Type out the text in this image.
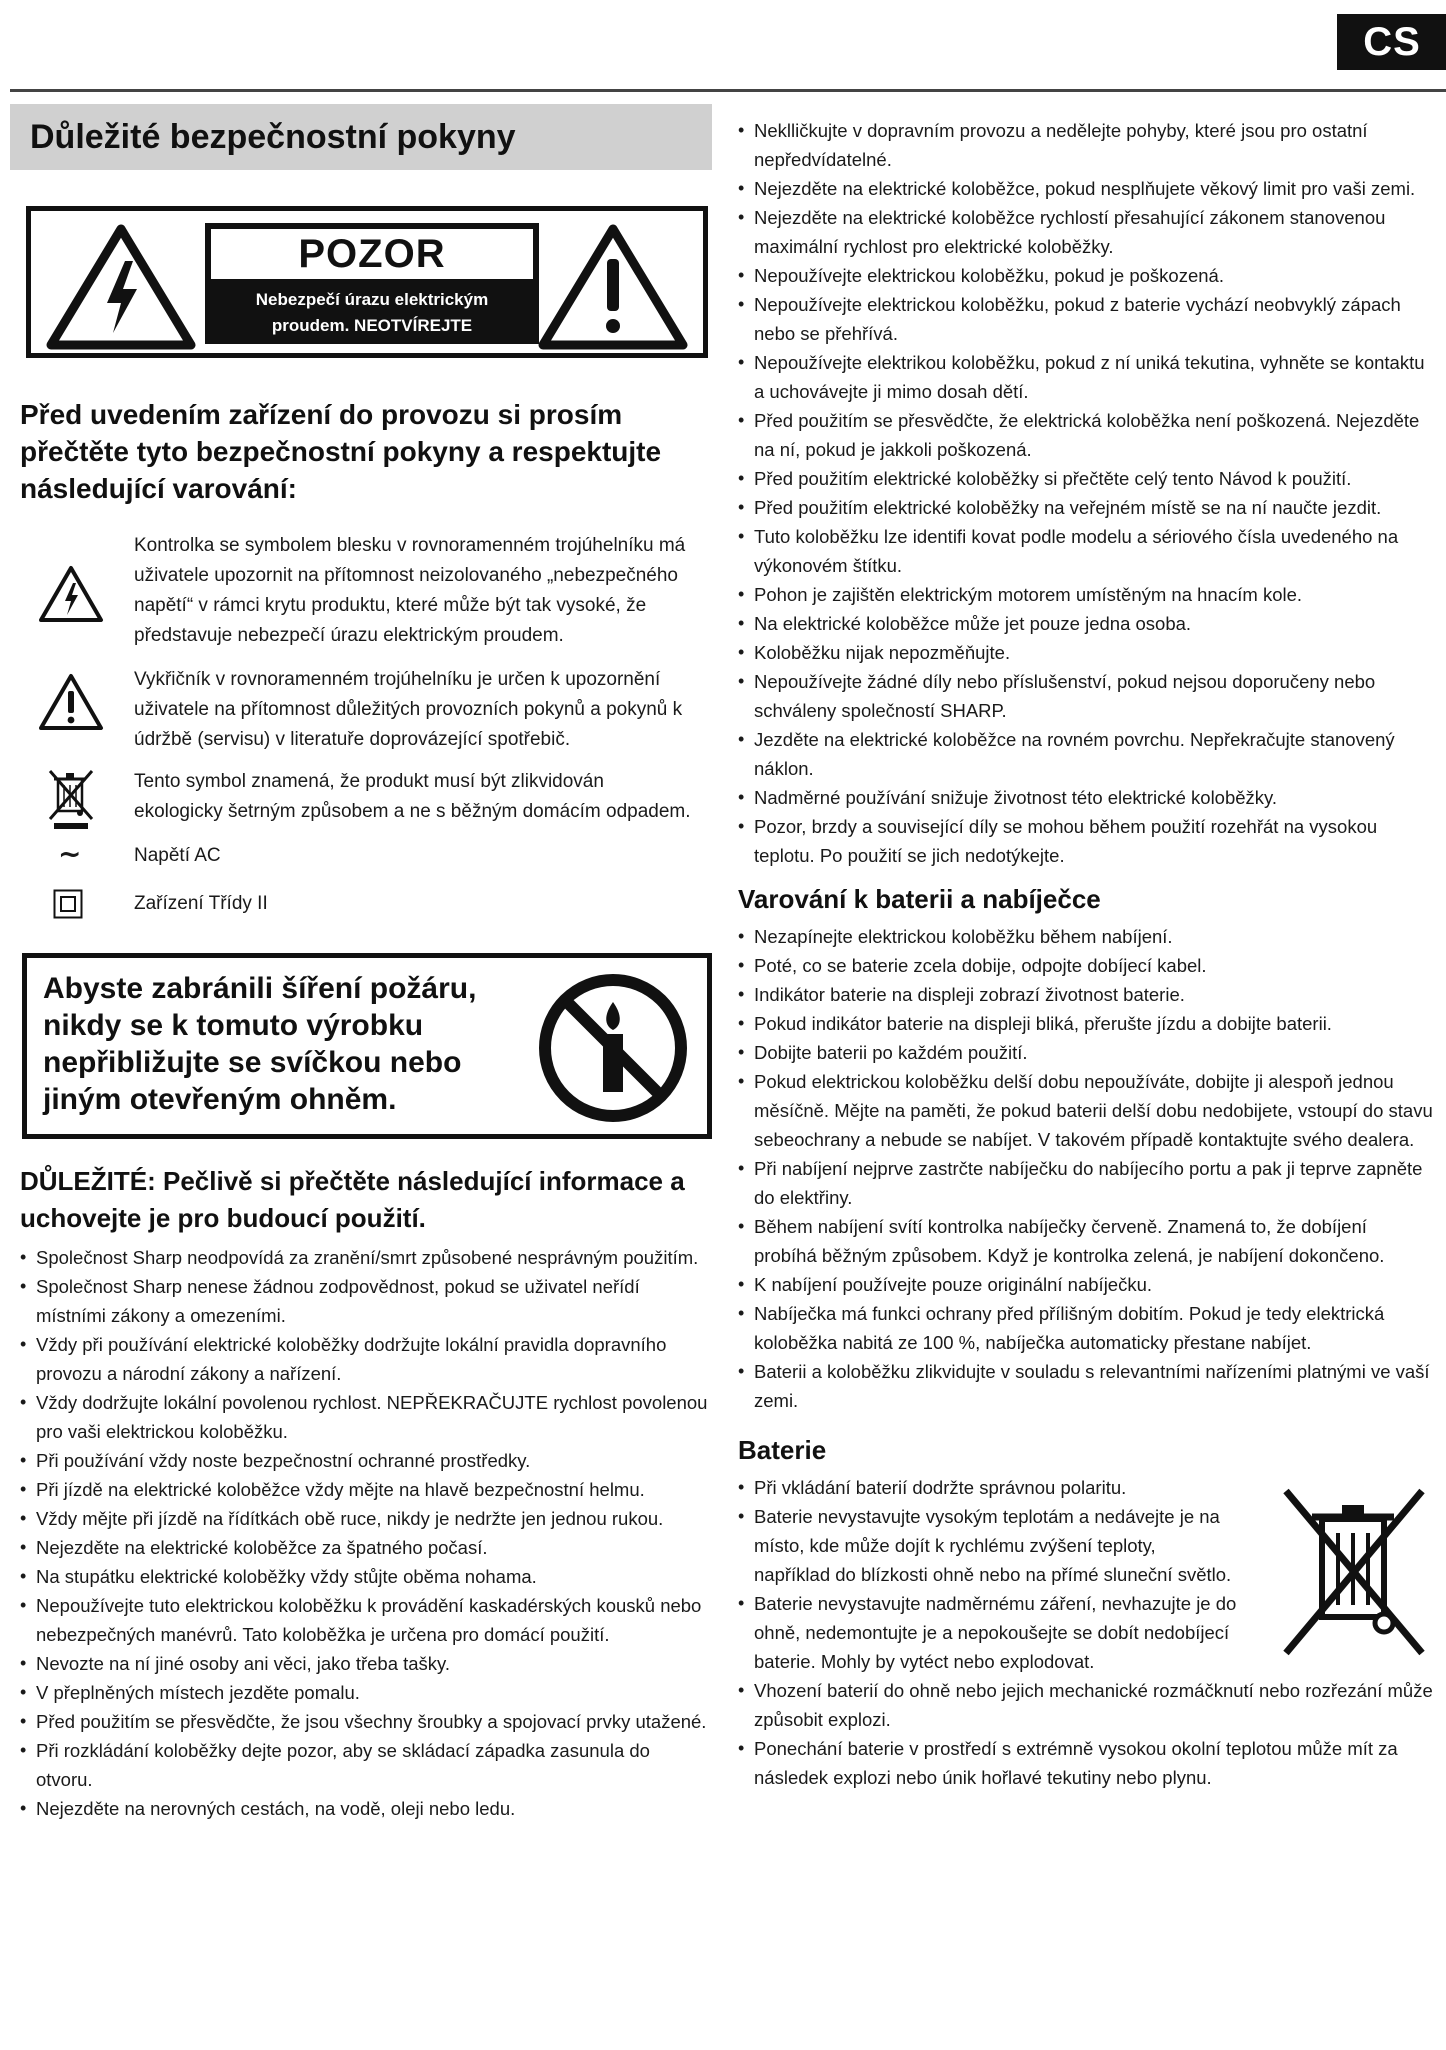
CS
Důležité bezpečnostní pokyny
POZOR
Nebezpečí úrazu elektrickým proudem. NEOTVÍREJTE
Před uvedením zařízení do provozu si prosím přečtěte tyto bezpečnostní pokyny a respektujte následující varování:
Kontrolka se symbolem blesku v rovnoramenném trojúhelníku má uživatele upozornit na přítomnost neizolovaného „nebezpečného napětí“ v rámci krytu produktu, které může být tak vysoké, že představuje nebezpečí úrazu elektrickým proudem.
Vykřičník v rovnoramenném trojúhelníku je určen k upozornění uživatele na přítomnost důležitých provozních pokynů a pokynů k údržbě (servisu) v literatuře doprovázející spotřebič.
Tento symbol znamená, že produkt musí být zlikvidován ekologicky šetrným způsobem a ne s běžným domácím odpadem.
~	Napětí AC
Zařízení Třídy II
Abyste zabránili šíření požáru, nikdy se k tomuto výrobku nepřibližujte se svíčkou nebo jiným otevřeným ohněm.
DŮLEŽITÉ: Pečlivě si přečtěte následující informace a uchovejte je pro budoucí použití.
• Společnost Sharp neodpovídá za zranění/smrt způsobené nesprávným použitím.
• Společnost Sharp nenese žádnou zodpovědnost, pokud se uživatel neřídí místními zákony a omezeními.
• Vždy při používání elektrické koloběžky dodržujte lokální pravidla dopravního provozu a národní zákony a nařízení.
• Vždy dodržujte lokální povolenou rychlost. NEPŘEKRAČUJTE rychlost povolenou pro vaši elektrickou koloběžku.
• Při používání vždy noste bezpečnostní ochranné prostředky.
• Při jízdě na elektrické koloběžce vždy mějte na hlavě bezpečnostní helmu.
• Vždy mějte při jízdě na řídítkách obě ruce, nikdy je nedržte jen jednou rukou.
• Nejezděte na elektrické koloběžce za špatného počasí.
• Na stupátku elektrické koloběžky vždy stůjte oběma nohama.
• Nepoužívejte tuto elektrickou koloběžku k provádění kaskadérských kousků nebo nebezpečných manévrů. Tato koloběžka je určena pro domácí použití.
• Nevozte na ní jiné osoby ani věci, jako třeba tašky.
• V přeplněných místech jezděte pomalu.
• Před použitím se přesvědčte, že jsou všechny šroubky a spojovací prvky utažené.
• Při rozkládání koloběžky dejte pozor, aby se skládací západka zasunula do otvoru.
• Nejezděte na nerovných cestách, na vodě, oleji nebo ledu.
• Neklličkujte v dopravním provozu a nedělejte pohyby, které jsou pro ostatní nepředvídatelné.
• Nejezděte na elektrické koloběžce, pokud nesplňujete věkový limit pro vaši zemi.
• Nejezděte na elektrické koloběžce rychlostí přesahující zákonem stanovenou maximální rychlost pro elektrické koloběžky.
• Nepoužívejte elektrickou koloběžku, pokud je poškozená.
• Nepoužívejte elektrickou koloběžku, pokud z baterie vychází neobvyklý zápach nebo se přehřívá.
• Nepoužívejte elektrikou koloběžku, pokud z ní uniká tekutina, vyhněte se kontaktu a uchovávejte ji mimo dosah dětí.
• Před použitím se přesvědčte, že elektrická koloběžka není poškozená. Nejezděte na ní, pokud je jakkoli poškozená.
• Před použitím elektrické koloběžky si přečtěte celý tento Návod k použití.
• Před použitím elektrické koloběžky na veřejném místě se na ní naučte jezdit.
• Tuto koloběžku lze identifi kovat podle modelu a sériového čísla uvedeného na výkonovém štítku.
• Pohon je zajištěn elektrickým motorem umístěným na hnacím kole.
• Na elektrické koloběžce může jet pouze jedna osoba.
• Koloběžku nijak nepozměňujte.
• Nepoužívejte žádné díly nebo příslušenství, pokud nejsou doporučeny nebo schváleny společností SHARP.
• Jezděte na elektrické koloběžce na rovném povrchu. Nepřekračujte stanovený náklon.
• Nadměrné používání snižuje životnost této elektrické koloběžky.
• Pozor, brzdy a související díly se mohou během použití rozehřát na vysokou teplotu. Po použití se jich nedotýkejte.
Varování k baterii a nabíječce
• Nezapínejte elektrickou koloběžku během nabíjení.
• Poté, co se baterie zcela dobije, odpojte dobíjecí kabel.
• Indikátor baterie na displeji zobrazí životnost baterie.
• Pokud indikátor baterie na displeji bliká, přerušte jízdu a dobijte baterii.
• Dobijte baterii po každém použití.
• Pokud elektrickou koloběžku delší dobu nepoužíváte, dobijte ji alespoň jednou měsíčně. Mějte na paměti, že pokud baterii delší dobu nedobijete, vstoupí do stavu sebeochrany a nebude se nabíjet. V takovém případě kontaktujte svého dealera.
• Při nabíjení nejprve zastrčte nabíječku do nabíjecího portu a pak ji teprve zapněte do elektřiny.
• Během nabíjení svítí kontrolka nabíječky červeně. Znamená to, že dobíjení probíhá běžným způsobem. Když je kontrolka zelená, je nabíjení dokončeno.
• K nabíjení používejte pouze originální nabíječku.
• Nabíječka má funkci ochrany před přílišným dobitím. Pokud je tedy elektrická koloběžka nabitá ze 100 %, nabíječka automaticky přestane nabíjet.
• Baterii a koloběžku zlikvidujte v souladu s relevantními nařízeními platnými ve vaší zemi.
Baterie
• Při vkládání baterií dodržte správnou polaritu.
• Baterie nevystavujte vysokým teplotám a nedávejte je na místo, kde může dojít k rychlému zvýšení teploty, například do blízkosti ohně nebo na přímé sluneční světlo.
• Baterie nevystavujte nadměrnému záření, nevhazujte je do ohně, nedemontujte je a nepokoušejte se dobít nedobíjecí baterie. Mohly by vytéct nebo explodovat.
• Vhození baterií do ohně nebo jejich mechanické rozmáčknutí nebo rozřezání může způsobit explozi.
• Ponechání baterie v prostředí s extrémně vysokou okolní teplotou může mít za následek explozi nebo únik hořlavé tekutiny nebo plynu.
